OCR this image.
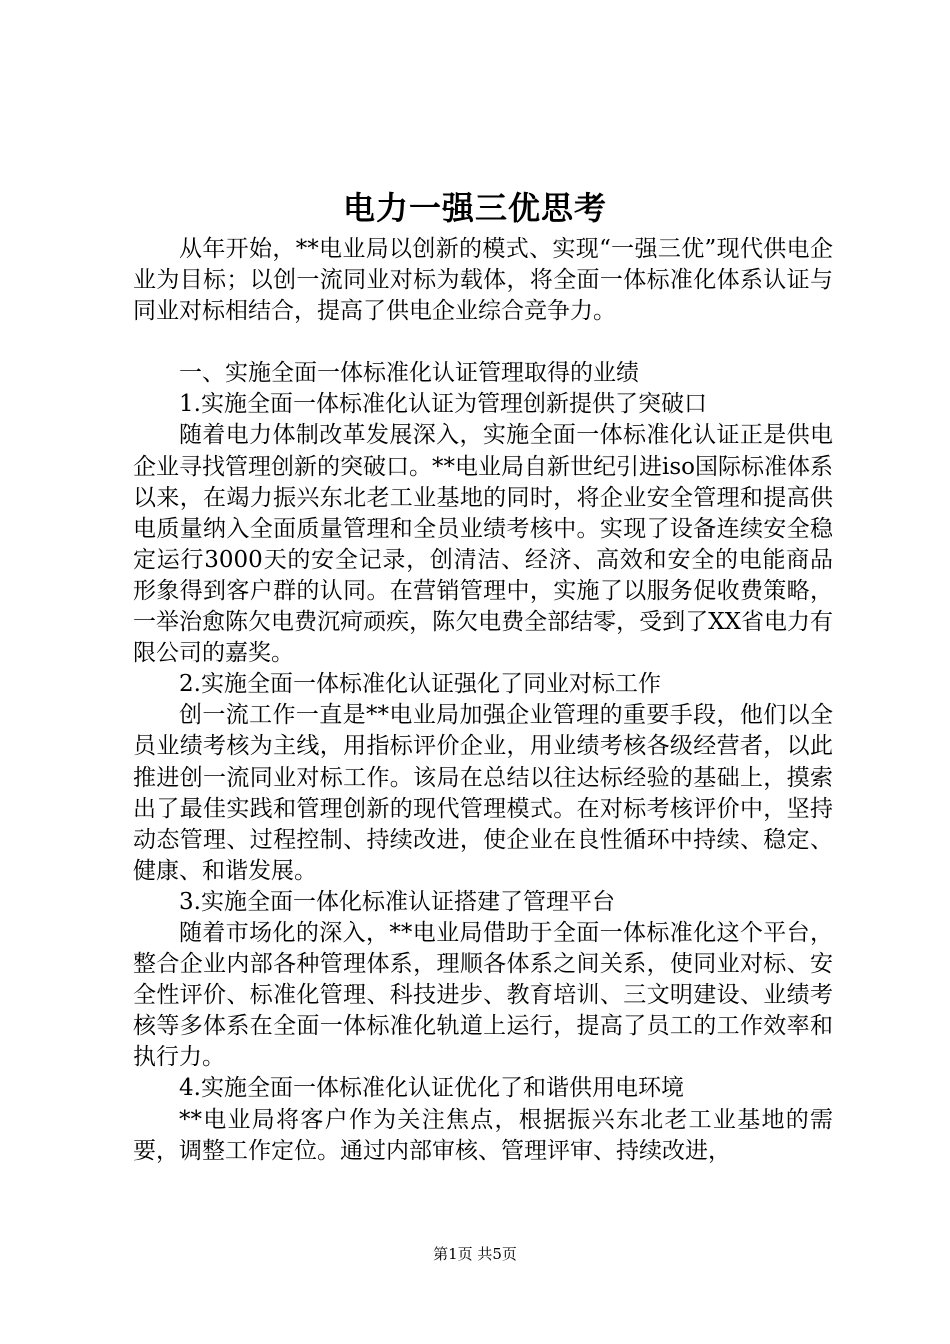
电力一强三优思考

从年开始，**电业局以创新的模式、实现“一强三优”现代供电企业为目标；以创一流同业对标为载体，将全面一体标准化体系认证与同业对标相结合，提高了供电企业综合竞争力。

一、实施全面一体标准化认证管理取得的业绩

1.实施全面一体标准化认证为管理创新提供了突破口

随着电力体制改革发展深入，实施全面一体标准化认证正是供电企业寻找管理创新的突破口。**电业局自新世纪引进iso国际标准体系以来，在竭力振兴东北老工业基地的同时，将企业安全管理和提高供电质量纳入全面质量管理和全员业绩考核中。实现了设备连续安全稳定运行3000天的安全记录，创清洁、经济、高效和安全的电能商品形象得到客户群的认同。在营销管理中，实施了以服务促收费策略，一举治愈陈欠电费沉疴顽疾，陈欠电费全部结零，受到了XX省电力有限公司的嘉奖。

2.实施全面一体标准化认证强化了同业对标工作

创一流工作一直是**电业局加强企业管理的重要手段，他们以全员业绩考核为主线，用指标评价企业，用业绩考核各级经营者，以此推进创一流同业对标工作。该局在总结以往达标经验的基础上，摸索出了最佳实践和管理创新的现代管理模式。在对标考核评价中，坚持动态管理、过程控制、持续改进，使企业在良性循环中持续、稳定、健康、和谐发展。

3.实施全面一体化标准认证搭建了管理平台

随着市场化的深入，**电业局借助于全面一体标准化这个平台，整合企业内部各种管理体系，理顺各体系之间关系，使同业对标、安全性评价、标准化管理、科技进步、教育培训、三文明建设、业绩考核等多体系在全面一体标准化轨道上运行，提高了员工的工作效率和执行力。

4.实施全面一体标准化认证优化了和谐供用电环境

**电业局将客户作为关注焦点，根据振兴东北老工业基地的需要，调整工作定位。通过内部审核、管理评审、持续改进，

第1页 共5页
